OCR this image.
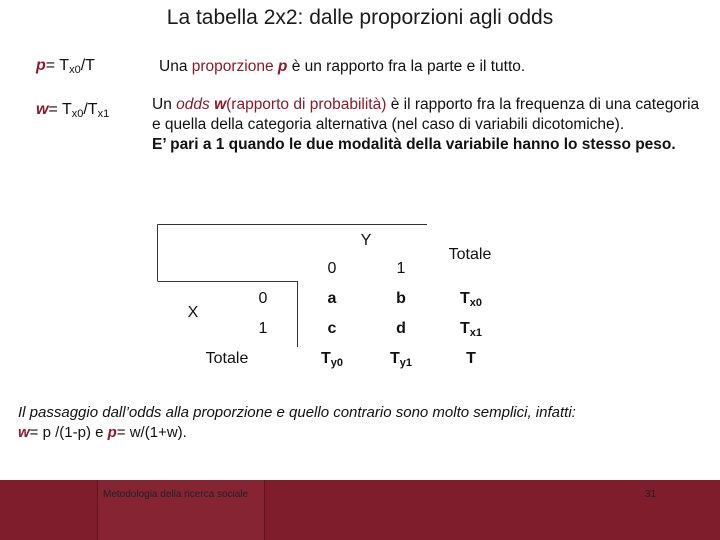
La tabella 2x2: dalle proporzioni agli odds
$p= T_{x0}/T$	Una proporzione p è un rapporto fra la parte e il tutto.
$w= T_{x0}/T_{x1}$
Un odds w(rapporto di probabilità) è il rapporto fra la frequenza di una categoria e quella della categoria alternativa (nel caso di variabili dicotomiche).
E’ pari a 1 quando le due modalità della variabile hanno lo stesso peso.
Y
Totale
0	1
X
0	a	b	$T_{x0}$
1	c	d	$T_{x1}$
Totale	$T_{y0}$	$T_{y1}$	T
Il passaggio dall’odds alla proporzione e quello contrario sono molto semplici, infatti:
w= p /(1-p) e p= w/(1+w).
Metodologia della ricerca sociale	31
